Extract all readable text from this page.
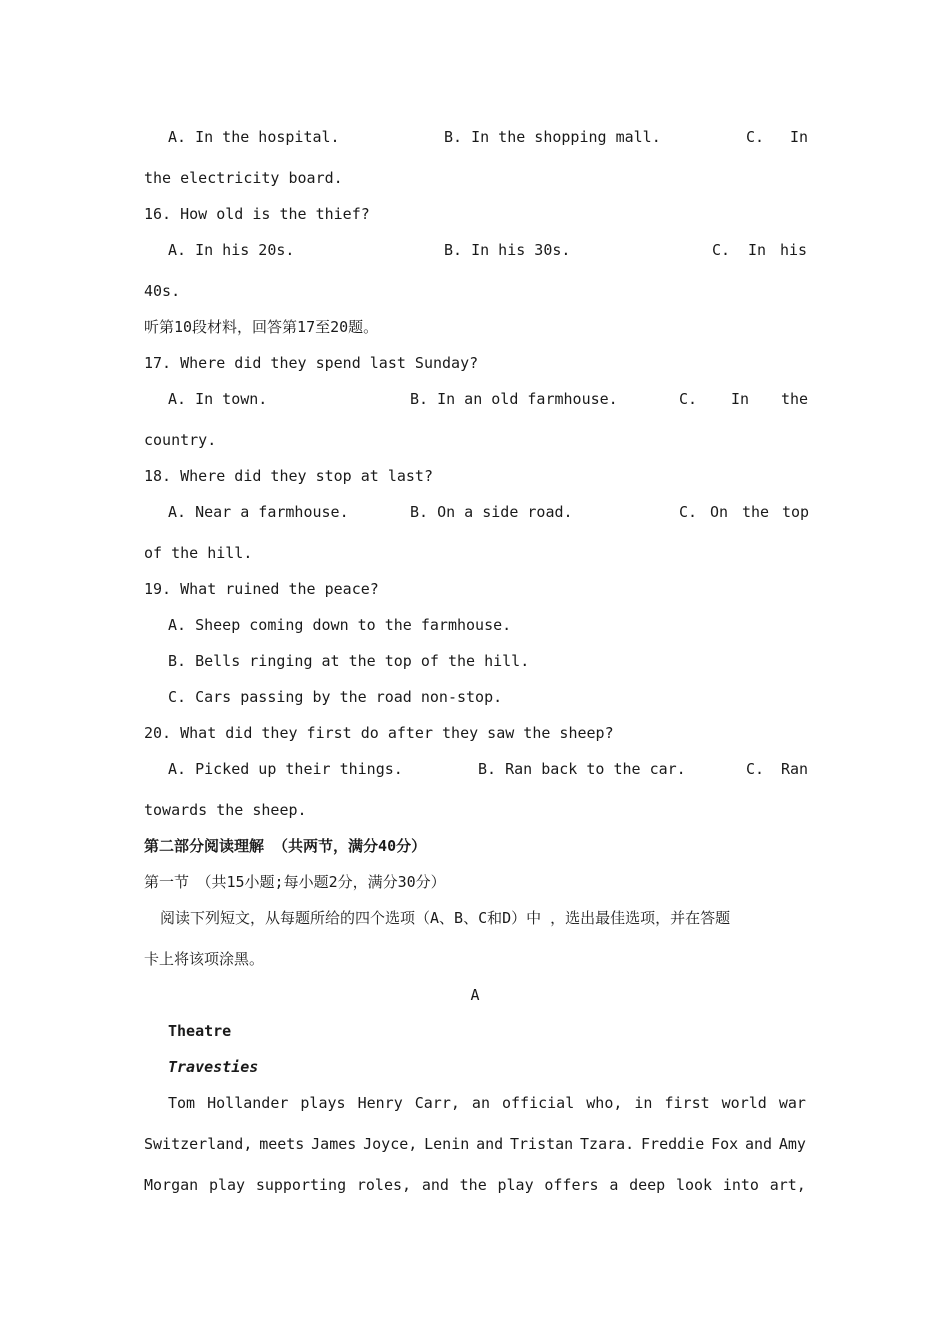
A. In the hospital.	B. In the shopping mall.	C. In
the electricity board.
16. How old is the thief?
A. In his 20s.	B. In his 30s.	C. In his
40s.
听第10段材料，回答第17至20题。
17. Where did they spend last Sunday?
A. In town.	B. In an old farmhouse.	C. In the
country.
18. Where did they stop at last?
A. Near a farmhouse.	B. On a side road.	C. On the top
of the hill.
19. What ruined the peace?
A. Sheep coming down to the farmhouse.
B. Bells ringing at the top of the hill.
C. Cars passing by the road non-stop.
20. What did they first do after they saw the sheep?
A. Picked up their things.	B. Ran back to the car.	C. Ran
towards the sheep.
第二部分阅读理解 （共两节，满分40分）
第一节　（共15小题;每小题2分，满分30分）
阅读下列短文，从每题所给的四个选项（A、B、C和D）中 ，选出最佳选项，并在答题
卡上将该项涂黑。
A
Theatre
Travesties
Tom Hollander plays Henry Carr, an official who, in first world war
Switzerland, meets James Joyce, Lenin and Tristan Tzara. Freddie Fox and Amy
Morgan play supporting roles, and the play offers a deep look into art,
